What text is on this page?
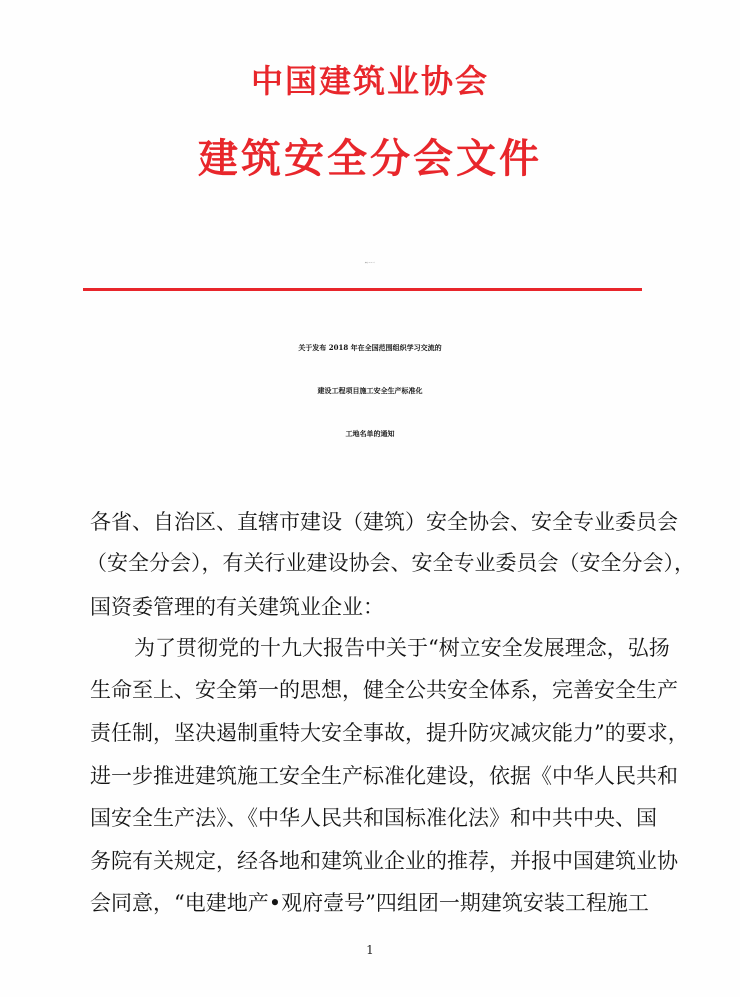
中国建筑业协会
建筑安全分会文件
建协安〔2018〕12 号
关于发布 2018 年在全国范围组织学习交流的
建设工程项目施工安全生产标准化
工地名单的通知
各省、自治区、直辖市建设（建筑）安全协会、安全专业委员会
（安全分会），有关行业建设协会、安全专业委员会（安全分会），
国资委管理的有关建筑业企业：
为了贯彻党的十九大报告中关于“树立安全发展理念，弘扬
生命至上、安全第一的思想，健全公共安全体系，完善安全生产
责任制，坚决遏制重特大安全事故，提升防灾减灾能力”的要求，
进一步推进建筑施工安全生产标准化建设，依据《中华人民共和
国安全生产法》、《中华人民共和国标准化法》和中共中央、国
务院有关规定，经各地和建筑业企业的推荐，并报中国建筑业协
会同意，“电建地产•观府壹号”四组团一期建筑安装工程施工
1
